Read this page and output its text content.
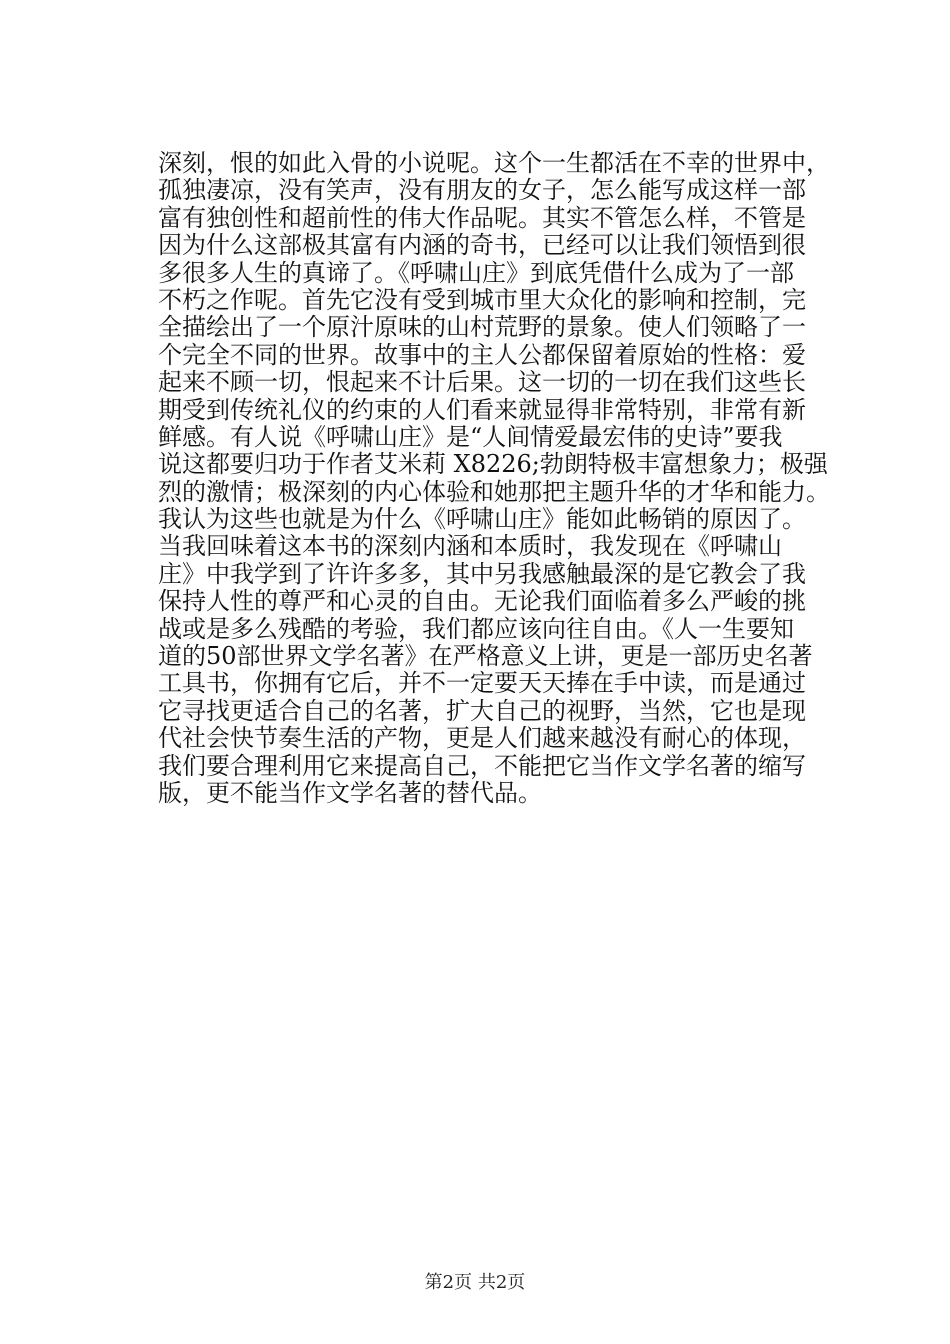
深刻，恨的如此入骨的小说呢。这个一生都活在不幸的世界中，
孤独凄凉，没有笑声，没有朋友的女子，怎么能写成这样一部
富有独创性和超前性的伟大作品呢。其实不管怎么样，不管是
因为什么这部极其富有内涵的奇书，已经可以让我们领悟到很
多很多人生的真谛了。《呼啸山庄》到底凭借什么成为了一部
不朽之作呢。首先它没有受到城市里大众化的影响和控制，完
全描绘出了一个原汁原味的山村荒野的景象。使人们领略了一
个完全不同的世界。故事中的主人公都保留着原始的性格：爱
起来不顾一切，恨起来不计后果。这一切的一切在我们这些长
期受到传统礼仪的约束的人们看来就显得非常特别，非常有新
鲜感。有人说《呼啸山庄》是“人间情爱最宏伟的史诗”要我
说这都要归功于作者艾米莉 X8226;勃朗特极丰富想象力；极强
烈的激情；极深刻的内心体验和她那把主题升华的才华和能力。
我认为这些也就是为什么《呼啸山庄》能如此畅销的原因了。
当我回味着这本书的深刻内涵和本质时，我发现在《呼啸山
庄》中我学到了许许多多，其中另我感触最深的是它教会了我
保持人性的尊严和心灵的自由。无论我们面临着多么严峻的挑
战或是多么残酷的考验，我们都应该向往自由。《人一生要知
道的50部世界文学名著》在严格意义上讲，更是一部历史名著
工具书，你拥有它后，并不一定要天天捧在手中读，而是通过
它寻找更适合自己的名著，扩大自己的视野，当然，它也是现
代社会快节奏生活的产物，更是人们越来越没有耐心的体现，
我们要合理利用它来提高自己，不能把它当作文学名著的缩写
版，更不能当作文学名著的替代品。
第2页 共2页
